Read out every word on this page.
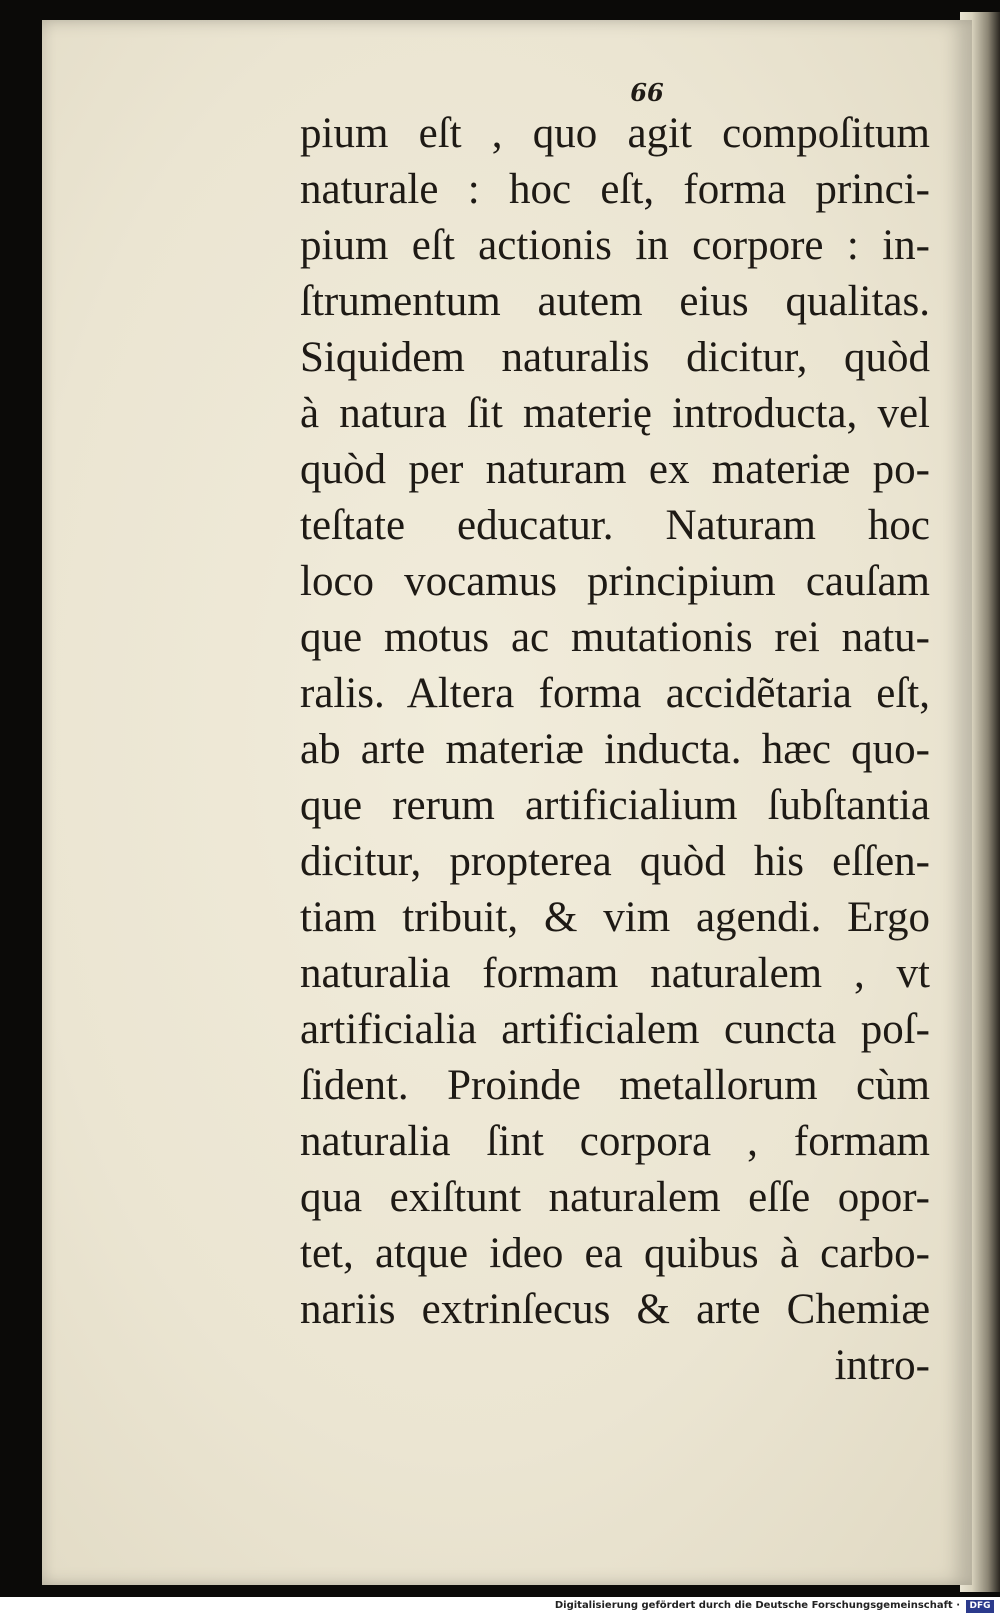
66
pium eſt , quo agit compoſitum
naturale : hoc eſt, forma princi-
pium eſt actionis in corpore : in-
ſtrumentum autem eius qualitas.
Siquidem naturalis dicitur, quòd
à natura ſit materię introducta, vel
quòd per naturam ex materiæ po-
teſtate educatur. Naturam hoc
loco vocamus principium cauſam
que motus ac mutationis rei natu-
ralis. Altera forma accidẽtaria eſt,
ab arte materiæ inducta. hæc quo-
que rerum artificialium ſubſtantia
dicitur, propterea quòd his eſſen-
tiam tribuit, & vim agendi. Ergo
naturalia formam naturalem , vt
artificialia artificialem cuncta poſ-
ſident. Proinde metallorum cùm
naturalia ſint corpora , formam
qua exiſtunt naturalem eſſe opor-
tet, atque ideo ea quibus à carbo-
nariis extrinſecus & arte Chemiæ
intro-
Digitalisierung gefördert durch die Deutsche Forschungsgemeinschaft ·	DFG
